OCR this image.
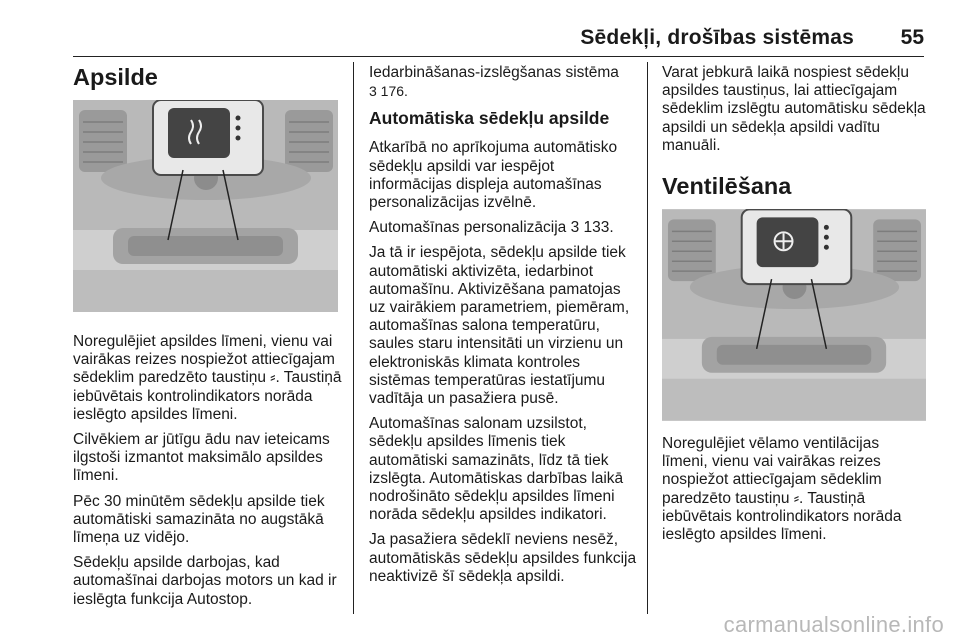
Sēdekļi, drošības sistēmas 55
Apsilde

Noregulējiet apsildes līmeni, vienu vai vairākas reizes nospiežot attiecīgajam sēdeklim paredzēto taustiņu ⸗. Taustiņā iebūvētais kontrolindikators norāda ieslēgto apsildes līmeni.

Cilvēkiem ar jūtīgu ādu nav ieteicams ilgstoši izmantot maksimālo apsildes līmeni.

Pēc 30 minūtēm sēdekļu apsilde tiek automātiski samazināta no augstākā līmeņa uz vidējo.

Sēdekļu apsilde darbojas, kad automašīnai darbojas motors un kad ir ieslēgta funkcija Autostop.

Iedarbināšanas-izslēgšanas sistēma
3 176.

Automātiska sēdekļu apsilde

Atkarībā no aprīkojuma automātisko sēdekļu apsildi var iespējot informācijas displeja automašīnas personalizācijas izvēlnē.

Automašīnas personalizācija 3 133.

Ja tā ir iespējota, sēdekļu apsilde tiek automātiski aktivizēta, iedarbinot automašīnu. Aktivizēšana pamatojas uz vairākiem parametriem, piemēram, automašīnas salona temperatūru, saules staru intensitāti un virzienu un elektroniskās klimata kontroles sistēmas temperatūras iestatījumu vadītāja un pasažiera pusē.

Automašīnas salonam uzsilstot, sēdekļu apsildes līmenis tiek automātiski samazināts, līdz tā tiek izslēgta. Automātiskas darbības laikā nodrošināto sēdekļu apsildes līmeni norāda sēdekļu apsildes indikatori.

Ja pasažiera sēdeklī neviens nesēž, automātiskās sēdekļu apsildes funkcija neaktivizē šī sēdekļa apsildi.

Varat jebkurā laikā nospiest sēdekļu apsildes taustiņus, lai attiecīgajam sēdeklim izslēgtu automātisku sēdekļa apsildi un sēdekļa apsildi vadītu manuāli.

Ventilēšana

Noregulējiet vēlamo ventilācijas līmeni, vienu vai vairākas reizes nospiežot attiecīgajam sēdeklim paredzēto taustiņu ⸗. Taustiņā iebūvētais kontrolindikators norāda ieslēgto apsildes līmeni.

carmanualsonline.info
